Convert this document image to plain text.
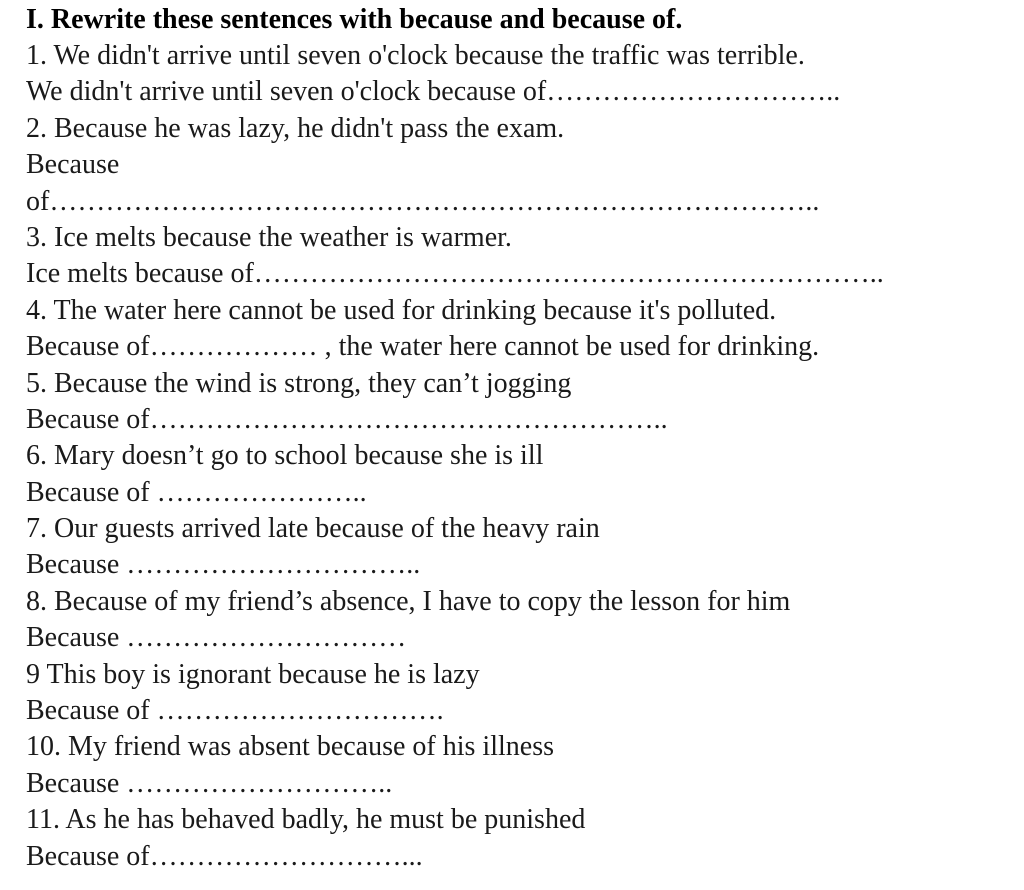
I. Rewrite these sentences with because and because of.
1. We didn't arrive until seven o'clock because the traffic was terrible.
We didn't arrive until seven o'clock because of…………………………..
2. Because he was lazy, he didn't pass the exam.
Because
of………………………………………………………………………..
3. Ice melts because the weather is warmer.
Ice melts because of…………………………………………………………..
4. The water here cannot be used for drinking because it's polluted.
Because of……………… , the water here cannot be used for drinking.
5. Because the wind is strong, they can’t jogging
Because of………………………………………………..
6. Mary doesn’t go to school because she is ill
Because of …………………..
7. Our guests arrived late because of the heavy rain
Because …………………………..
8. Because of my friend’s absence, I have to copy the lesson for him
Because …………………………
9 This boy is ignorant because he is lazy
Because of ………………………….
10. My friend was absent because of his illness
Because ………………………..
11. As he has behaved badly, he must be punished
Because of………………………...
